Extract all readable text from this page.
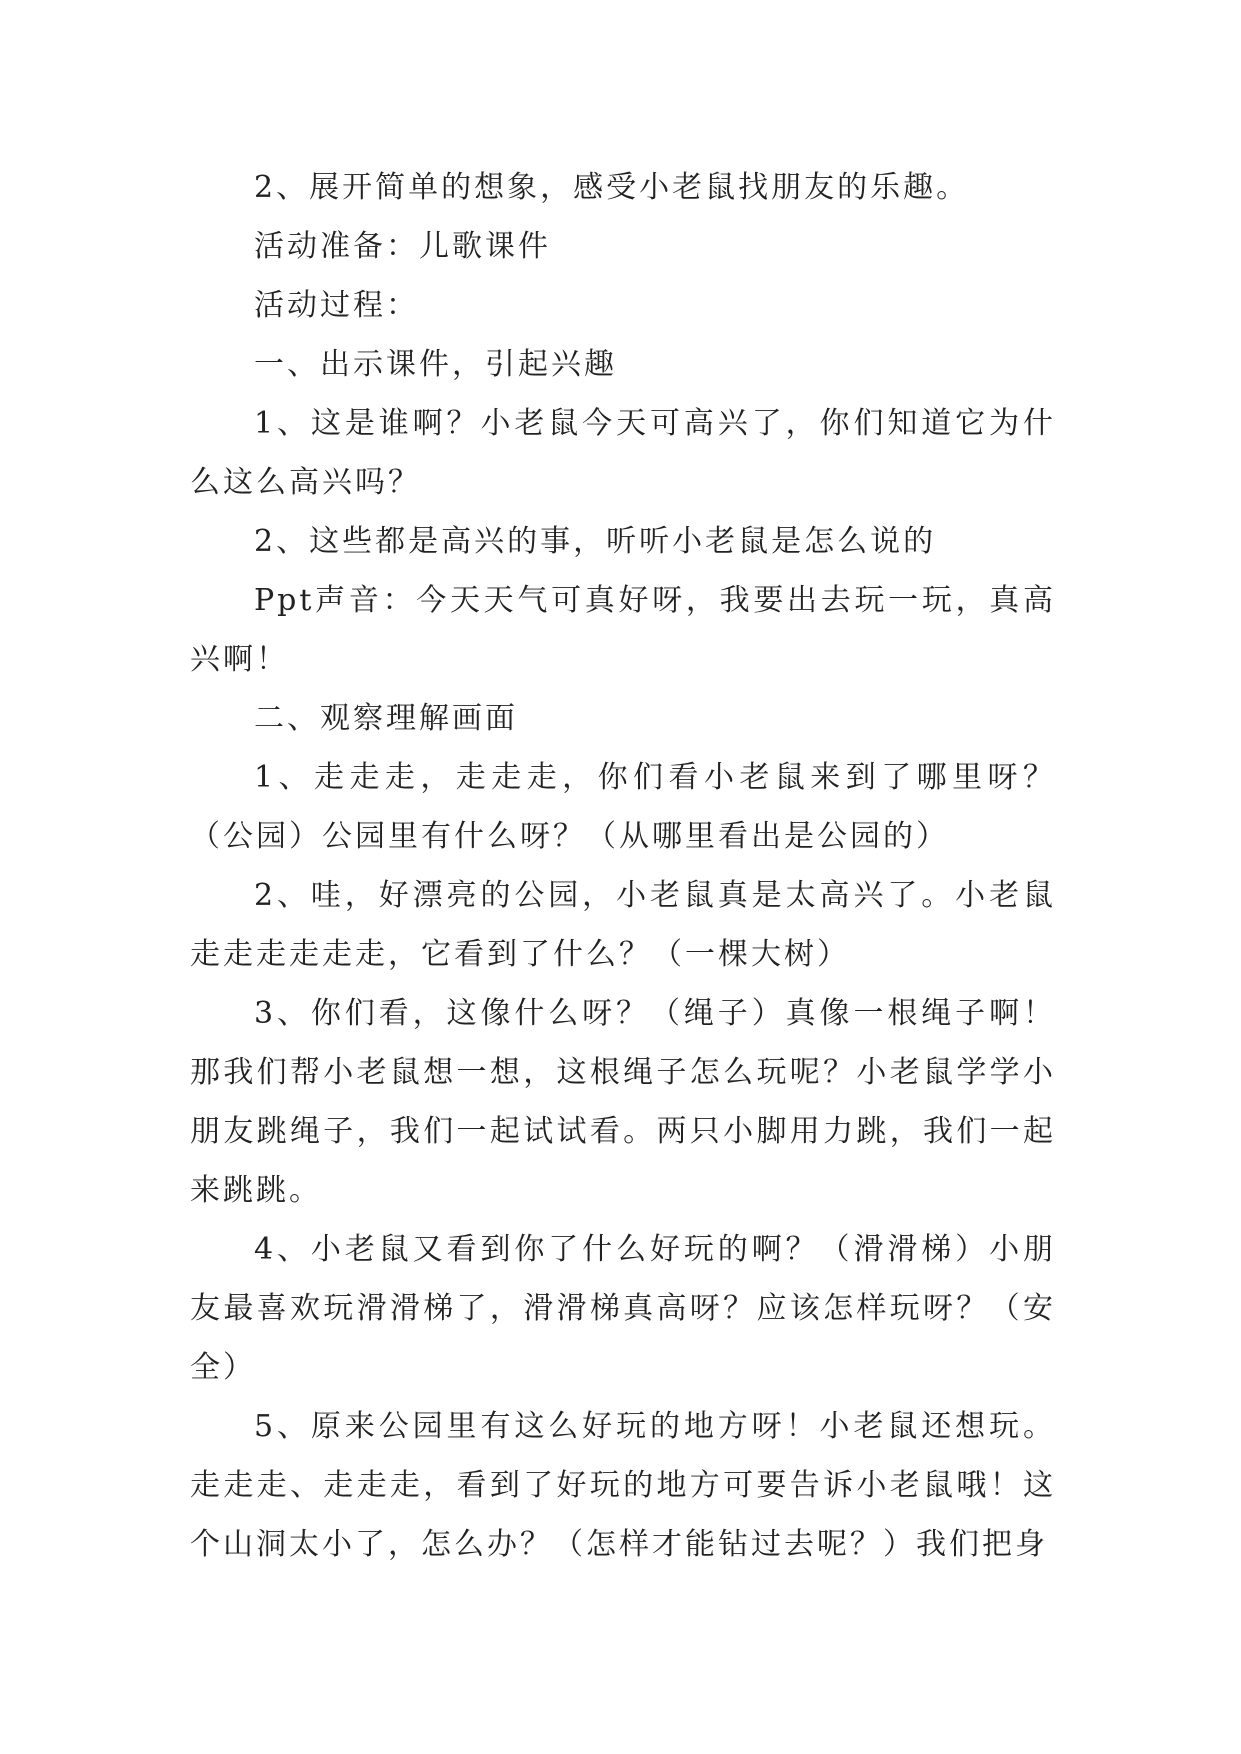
2、展开简单的想象，感受小老鼠找朋友的乐趣。

活动准备：儿歌课件

活动过程：

一、出示课件，引起兴趣

1、这是谁啊？小老鼠今天可高兴了，你们知道它为什么这么高兴吗？

2、这些都是高兴的事，听听小老鼠是怎么说的

Ppt声音：今天天气可真好呀，我要出去玩一玩，真高兴啊！

二、观察理解画面

1、走走走，走走走，你们看小老鼠来到了哪里呀？（公园）公园里有什么呀？（从哪里看出是公园的）

2、哇，好漂亮的公园，小老鼠真是太高兴了。小老鼠走走走走走走，它看到了什么？（一棵大树）

3、你们看，这像什么呀？（绳子）真像一根绳子啊！那我们帮小老鼠想一想，这根绳子怎么玩呢？小老鼠学学小朋友跳绳子，我们一起试试看。两只小脚用力跳，我们一起来跳跳。

4、小老鼠又看到你了什么好玩的啊？（滑滑梯）小朋友最喜欢玩滑滑梯了，滑滑梯真高呀？应该怎样玩呀？（安全）

5、原来公园里有这么好玩的地方呀！小老鼠还想玩。走走走、走走走，看到了好玩的地方可要告诉小老鼠哦！这个山洞太小了，怎么办？（怎样才能钻过去呢？）我们把身
